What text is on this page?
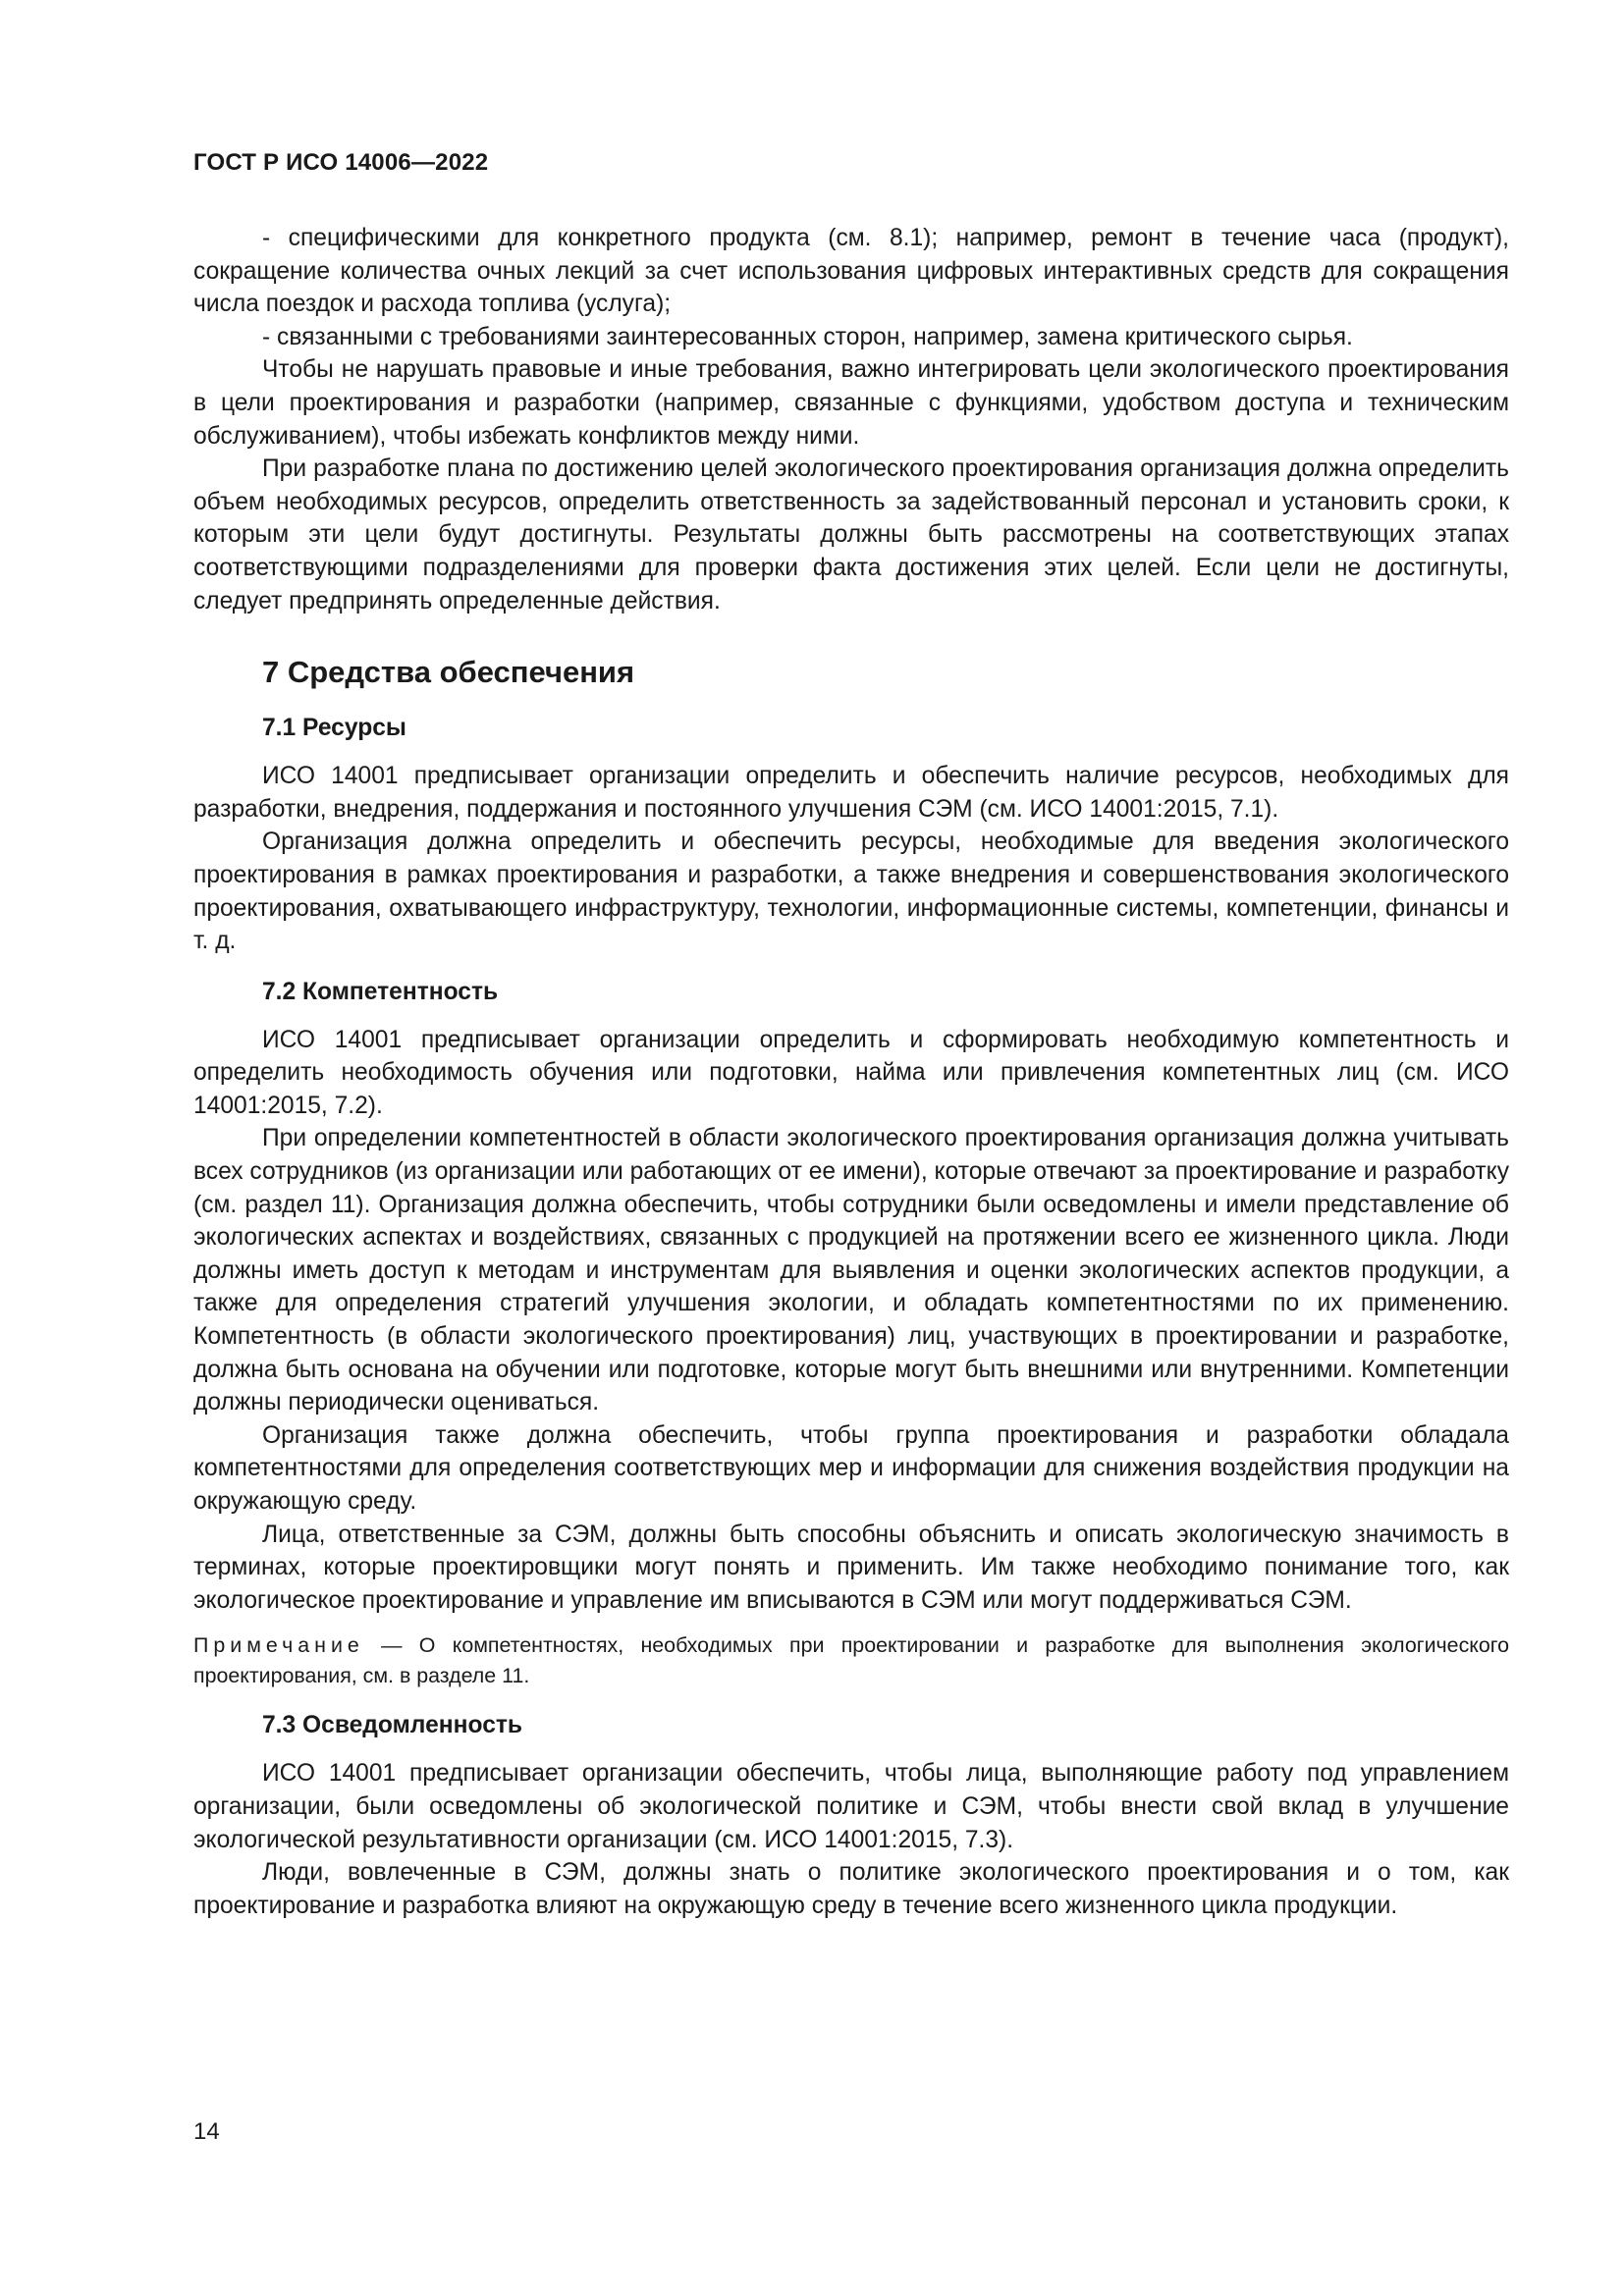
ГОСТ Р ИСО 14006—2022

- специфическими для конкретного продукта (см. 8.1); например, ремонт в течение часа (продукт), сокращение количества очных лекций за счет использования цифровых интерактивных средств для сокращения числа поездок и расхода топлива (услуга);

- связанными с требованиями заинтересованных сторон, например, замена критического сырья.

Чтобы не нарушать правовые и иные требования, важно интегрировать цели экологического проектирования в цели проектирования и разработки (например, связанные с функциями, удобством доступа и техническим обслуживанием), чтобы избежать конфликтов между ними.

При разработке плана по достижению целей экологического проектирования организация должна определить объем необходимых ресурсов, определить ответственность за задействованный персонал и установить сроки, к которым эти цели будут достигнуты. Результаты должны быть рассмотрены на соответствующих этапах соответствующими подразделениями для проверки факта достижения этих целей. Если цели не достигнуты, следует предпринять определенные действия.

7 Средства обеспечения
7.1 Ресурсы

ИСО 14001 предписывает организации определить и обеспечить наличие ресурсов, необходимых для разработки, внедрения, поддержания и постоянного улучшения СЭМ (см. ИСО 14001:2015, 7.1).

Организация должна определить и обеспечить ресурсы, необходимые для введения экологического проектирования в рамках проектирования и разработки, а также внедрения и совершенствования экологического проектирования, охватывающего инфраструктуру, технологии, информационные системы, компетенции, финансы и т. д.

7.2 Компетентность

ИСО 14001 предписывает организации определить и сформировать необходимую компетентность и определить необходимость обучения или подготовки, найма или привлечения компетентных лиц (см. ИСО 14001:2015, 7.2).

При определении компетентностей в области экологического проектирования организация должна учитывать всех сотрудников (из организации или работающих от ее имени), которые отвечают за проектирование и разработку (см. раздел 11). Организация должна обеспечить, чтобы сотрудники были осведомлены и имели представление об экологических аспектах и воздействиях, связанных с продукцией на протяжении всего ее жизненного цикла. Люди должны иметь доступ к методам и инструментам для выявления и оценки экологических аспектов продукции, а также для определения стратегий улучшения экологии, и обладать компетентностями по их применению. Компетентность (в области экологического проектирования) лиц, участвующих в проектировании и разработке, должна быть основана на обучении или подготовке, которые могут быть внешними или внутренними. Компетенции должны периодически оцениваться.

Организация также должна обеспечить, чтобы группа проектирования и разработки обладала компетентностями для определения соответствующих мер и информации для снижения воздействия продукции на окружающую среду.

Лица, ответственные за СЭМ, должны быть способны объяснить и описать экологическую значимость в терминах, которые проектировщики могут понять и применить. Им также необходимо понимание того, как экологическое проектирование и управление им вписываются в СЭМ или могут поддерживаться СЭМ.

Примечание — О компетентностях, необходимых при проектировании и разработке для выполнения экологического проектирования, см. в разделе 11.

7.3 Осведомленность

ИСО 14001 предписывает организации обеспечить, чтобы лица, выполняющие работу под управлением организации, были осведомлены об экологической политике и СЭМ, чтобы внести свой вклад в улучшение экологической результативности организации (см. ИСО 14001:2015, 7.3).

Люди, вовлеченные в СЭМ, должны знать о политике экологического проектирования и о том, как проектирование и разработка влияют на окружающую среду в течение всего жизненного цикла продукции.

14
